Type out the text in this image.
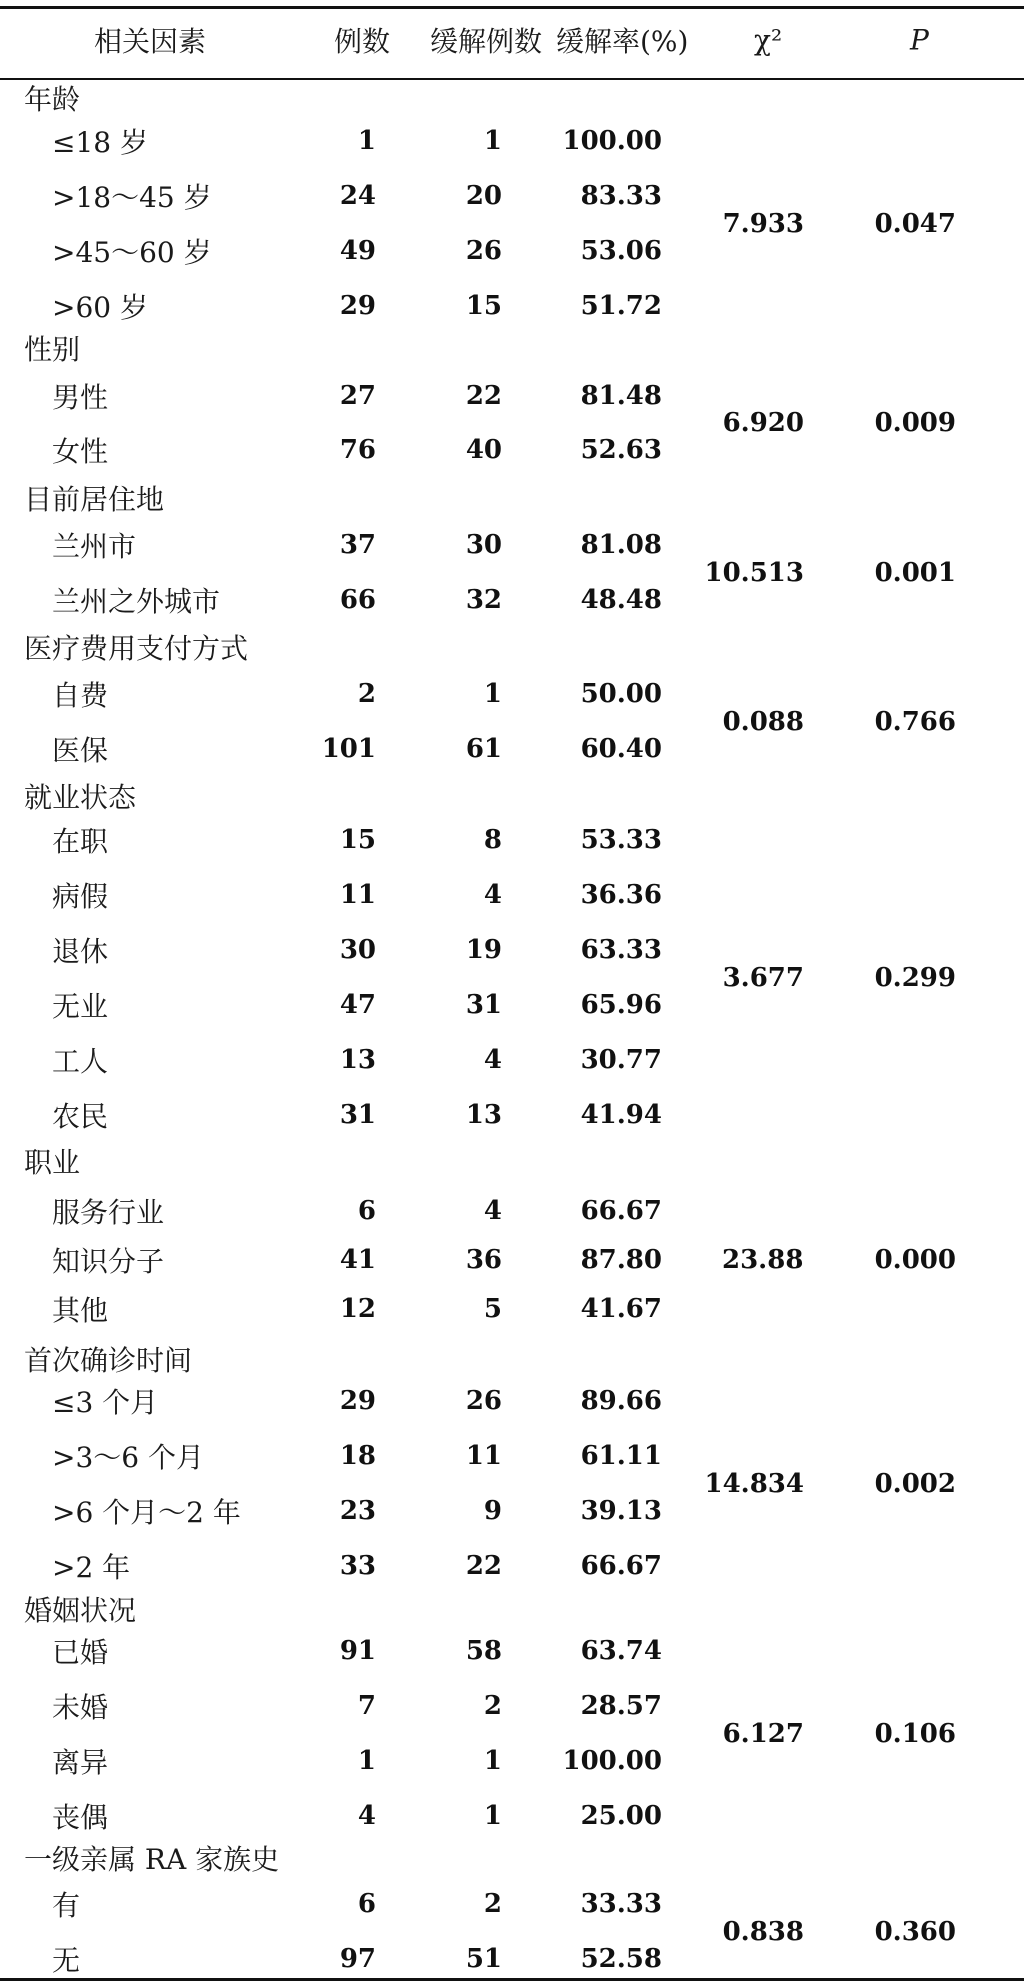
相关因素	例数 缓解例数 缓解率(%) χ²	P
年龄
≤18 岁	1	1 100.00
>18～45 岁	24	20	83.33
>45～60 岁	49	26	53.06
>60 岁	29	15	51.72
7.933	0.047
性别
男性	27	22	81.48
女性	76	40	52.63
6.920	0.009
目前居住地
兰州市	37	30	81.08
兰州之外城市	66	32	48.48
10.513	0.001
医疗费用支付方式
自费	2	1	50.00
医保	101	61	60.40
0.088	0.766
就业状态
在职	15	8	53.33
病假	11	4	36.36
退休	30	19	63.33
无业	47	31	65.96
工人	13	4	30.77
农民	31	13	41.94
3.677	0.299
职业
服务行业	6	4	66.67
知识分子	41	36	87.80
其他	12	5	41.67
23.88	0.000
首次确诊时间
≤3 个月	29	26	89.66
>3～6 个月	18	11	61.11
>6 个月～2 年	23	9	39.13
>2 年	33	22	66.67
14.834	0.002
婚姻状况
已婚	91	58	63.74
未婚	7	2	28.57
离异	1	1 100.00
丧偶	4	1	25.00
6.127	0.106
一级亲属 RA 家族史
有	6	2	33.33
无	97	51	52.58
0.838	0.360
